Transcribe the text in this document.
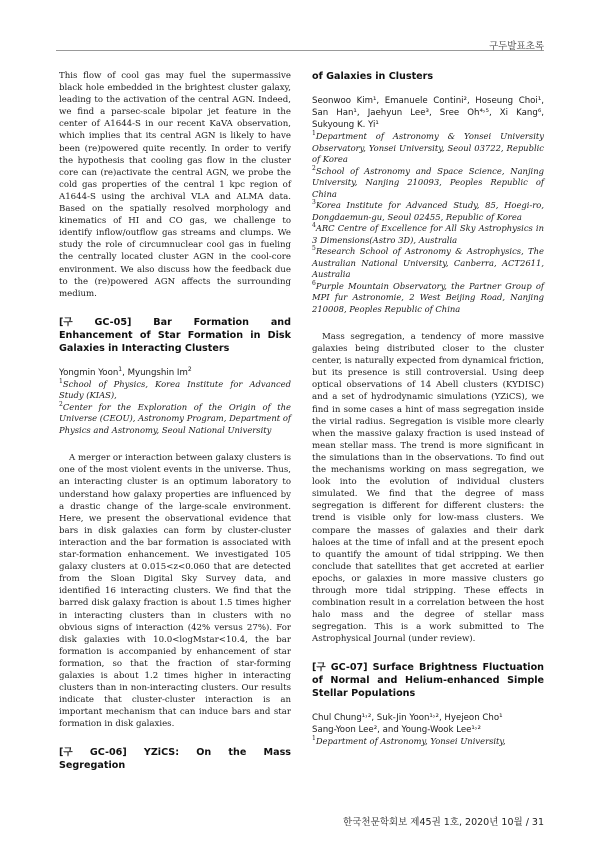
구두발표초록

This flow of cool gas may fuel the supermassive black hole embedded in the brightest cluster galaxy, leading to the activation of the central AGN. Indeed, we find a parsec-scale bipolar jet feature in the center of A1644-S in our recent KaVA observation, which implies that its central AGN is likely to have been (re)powered quite recently. In order to verify the hypothesis that cooling gas flow in the cluster core can (re)activate the central AGN, we probe the cold gas properties of the central 1 kpc region of A1644-S using the archival VLA and ALMA data. Based on the spatially resolved morphology and kinematics of HI and CO gas, we challenge to identify inflow/outflow gas streams and clumps. We study the role of circumnuclear cool gas in fueling the centrally located cluster AGN in the cool-core environment. We also discuss how the feedback due to the (re)powered AGN affects the surrounding medium.

[구 GC-05] Bar Formation and Enhancement of Star Formation in Disk Galaxies in Interacting Clusters

Yongmin Yoon$^1$, Myungshin Im$^2$

$^1$School of Physics, Korea Institute for Advanced Study (KIAS),

$^2$Center for the Exploration of the Origin of the Universe (CEOU), Astronomy Program, Department of Physics and Astronomy, Seoul National University

A merger or interaction between galaxy clusters is one of the most violent events in the universe. Thus, an interacting cluster is an optimum laboratory to understand how galaxy properties are influenced by a drastic change of the large-scale environment. Here, we present the observational evidence that bars in disk galaxies can form by cluster-cluster interaction and the bar formation is associated with star-formation enhancement. We investigated 105 galaxy clusters at 0.015<z<0.060 that are detected from the Sloan Digital Sky Survey data, and identified 16 interacting clusters. We find that the barred disk galaxy fraction is about 1.5 times higher in interacting clusters than in clusters with no obvious signs of interaction (42% versus 27%). For disk galaxies with 10.0<logMstar<10.4, the bar formation is accompanied by enhancement of star formation, so that the fraction of star-forming galaxies is about 1.2 times higher in interacting clusters than in non-interacting clusters. Our results indicate that cluster-cluster interaction is an important mechanism that can induce bars and star formation in disk galaxies.

[구 GC-06] YZiCS: On the Mass Segregation

of Galaxies in Clusters

Seonwoo Kim¹, Emanuele Contini², Hoseung Choi¹, San Han¹, Jaehyun Lee³, Sree Oh⁴˒⁵, Xi Kang⁶, Sukyoung K. Yi¹

$^1$Department of Astronomy & Yonsei University Observatory, Yonsei University, Seoul 03722, Republic of Korea

$^2$School of Astronomy and Space Science, Nanjing University, Nanjing 210093, Peoples Republic of China

$^3$Korea Institute for Advanced Study, 85, Hoegi-ro, Dongdaemun-gu, Seoul 02455, Republic of Korea

$^4$ARC Centre of Excellence for All Sky Astrophysics in 3 Dimensions(Astro 3D), Australia

$^5$Research School of Astronomy & Astrophysics, The Australian National University, Canberra, ACT2611, Australia

$^6$Purple Mountain Observatory, the Partner Group of MPI fur Astronomie, 2 West Beijing Road, Nanjing 210008, Peoples Republic of China

Mass segregation, a tendency of more massive galaxies being distributed closer to the cluster center, is naturally expected from dynamical friction, but its presence is still controversial. Using deep optical observations of 14 Abell clusters (KYDISC) and a set of hydrodynamic simulations (YZiCS), we find in some cases a hint of mass segregation inside the virial radius. Segregation is visible more clearly when the massive galaxy fraction is used instead of mean stellar mass. The trend is more significant in the simulations than in the observations. To find out the mechanisms working on mass segregation, we look into the evolution of individual clusters simulated. We find that the degree of mass segregation is different for different clusters: the trend is visible only for low-mass clusters. We compare the masses of galaxies and their dark haloes at the time of infall and at the present epoch to quantify the amount of tidal stripping. We then conclude that satellites that get accreted at earlier epochs, or galaxies in more massive clusters go through more tidal stripping. These effects in combination result in a correlation between the host halo mass and the degree of stellar mass segregation. This is a work submitted to The Astrophysical Journal (under review).

[구 GC-07] Surface Brightness Fluctuation of Normal and Helium-enhanced Simple Stellar Populations

Chul Chung¹˒², Suk-Jin Yoon¹˒², Hyejeon Cho¹

Sang-Yoon Lee², and Young-Wook Lee¹˒²

$^1$Department of Astronomy, Yonsei University,

한국천문학회보 제45권 1호, 2020년 10월 / 31
